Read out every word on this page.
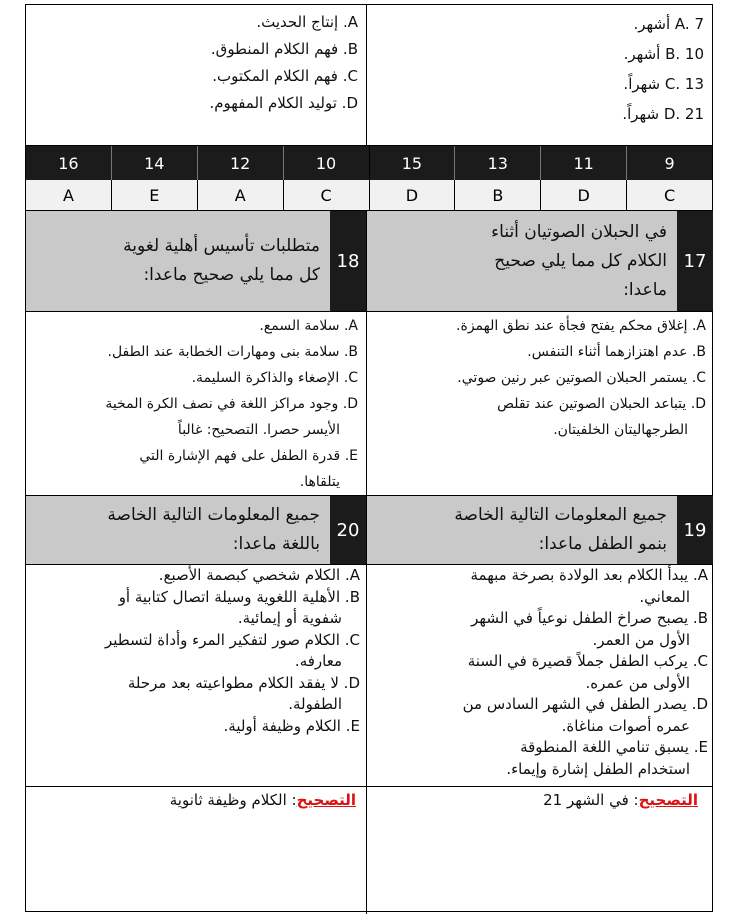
A. 7 أشهر.
B. 10 أشهر.
C. 13 شهراً.
D. 21 شهراً.
A. إنتاج الحديث.
B. فهم الكلام المنطوق.
C. فهم الكلام المكتوب.
D. توليد الكلام المفهوم.
9
11
13
15
10
12
14
16
C
D
B
D
C
A
E
A
17
في الحبلان الصوتيان أثناء
الكلام كل مما يلي صحيح
ماعدا:
18
متطلبات تأسيس أهلية لغوية
كل مما يلي صحيح ماعدا:
A. إغلاق محكم يفتح فجأة عند نطق الهمزة.
B. عدم اهتزازهما أثناء التنفس.
C. يستمر الحبلان الصوتين عبر رنين صوتي.
D. يتباعد الحبلان الصوتين عند تقلص
الطرجهاليتان الخلفيتان.
A. سلامة السمع.
B. سلامة بنى ومهارات الخطابة عند الطفل.
C. الإصغاء والذاكرة السليمة.
D. وجود مراكز اللغة في نصف الكرة المخية
الأيسر حصرا. التصحيح: غالباً
E. قدرة الطفل على فهم الإشارة التي
يتلقاها.
19
جميع المعلومات التالية الخاصة
بنمو الطفل ماعدا:
20
جميع المعلومات التالية الخاصة
باللغة ماعدا:
A. يبدأ الكلام بعد الولادة بصرخة مبهمة
المعاني.
B. يصبح صراخ الطفل نوعياً في الشهر
الأول من العمر.
C. يركب الطفل جملاً قصيرة في السنة
الأولى من عمره.
D. يصدر الطفل في الشهر السادس من
عمره أصوات مناغاة.
E. يسبق تنامي اللغة المنطوقة
استخدام الطفل إشارة وإيماء.
A. الكلام شخصي كبصمة الأصبع.
B. الأهلية اللغوية وسيلة اتصال كتابية أو
شفوية أو إيمائية.
C. الكلام صور لتفكير المرء وأداة لتسطير
معارفه.
D. لا يفقد الكلام مطواعيته بعد مرحلة
الطفولة.
E. الكلام وظيفة أولية.
التصحيح: في الشهر 21
التصحيح: الكلام وظيفة ثانوية
